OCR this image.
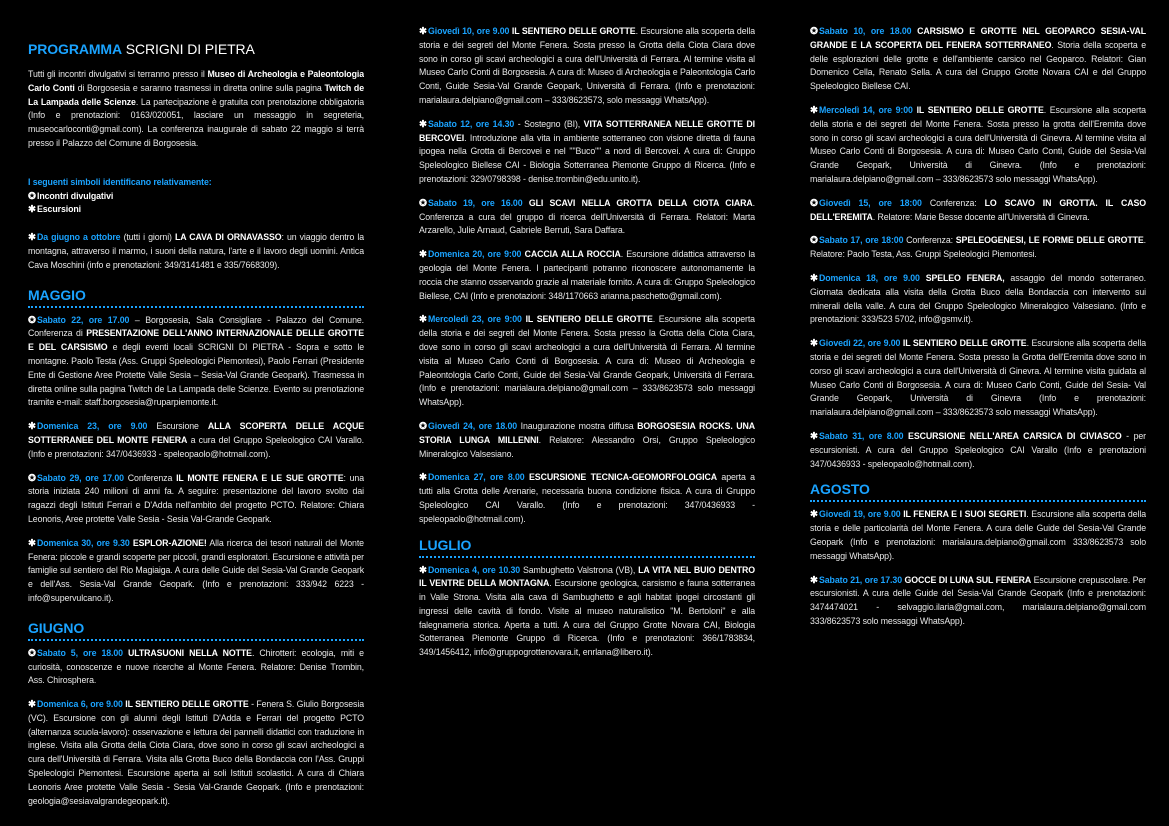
PROGRAMMA SCRIGNI DI PIETRA

Tutti gli incontri divulgativi si terranno presso il Museo di Archeologia e Paleontologia Carlo Conti di Borgosesia e saranno trasmessi in diretta online sulla pagina Twitch de La Lampada delle Scienze. La partecipazione è gratuita con prenotazione obbligatoria (Info e prenotazioni: 0163/020051, lasciare un messaggio in segreteria, museocarloconti@gmail.com). La conferenza inaugurale di sabato 22 maggio si terrà presso il Palazzo del Comune di Borgosesia.

I seguenti simboli identificano relativamente:
✪Incontri divulgativi
✱Escursioni

✱Da giugno a ottobre (tutti i giorni) LA CAVA DI ORNAVASSO: un viaggio dentro la montagna, attraverso il marmo, i suoni della natura, l'arte e il lavoro degli uomini. Antica Cava Moschini (info e prenotazioni: 349/3141481 e 335/7668309).

MAGGIO

✪Sabato 22, ore 17.00 – Borgosesia, Sala Consigliare - Palazzo del Comune. Conferenza di PRESENTAZIONE DELL'ANNO INTERNAZIONALE DELLE GROTTE E DEL CARSISMO e degli eventi locali SCRIGNI DI PIETRA - Sopra e sotto le montagne. Paolo Testa (Ass. Gruppi Speleologici Piemontesi), Paolo Ferrari (Presidente Ente di Gestione Aree Protette Valle Sesia – Sesia-Val Grande Geopark). Trasmessa in diretta online sulla pagina Twitch de La Lampada delle Scienze. Evento su prenotazione tramite e-mail: staff.borgosesia@ruparpiemonte.it.

✱Domenica 23, ore 9.00 Escursione ALLA SCOPERTA DELLE ACQUE SOTTERRANEE DEL MONTE FENERA a cura del Gruppo Speleologico CAI Varallo. (Info e prenotazioni: 347/0436933 - speleopaolo@hotmail.com).

✪Sabato 29, ore 17.00 Conferenza IL MONTE FENERA E LE SUE GROTTE: una storia iniziata 240 milioni di anni fa. A seguire: presentazione del lavoro svolto dai ragazzi degli Istituti Ferrari e D'Adda nell'ambito del progetto PCTO. Relatore: Chiara Leonoris, Aree protette Valle Sesia - Sesia Val-Grande Geopark.

✱Domenica 30, ore 9.30 ESPLOR-AZIONE! Alla ricerca dei tesori naturali del Monte Fenera: piccole e grandi scoperte per piccoli, grandi esploratori. Escursione e attività per famiglie sul sentiero del Rio Magiaiga. A cura delle Guide del Sesia-Val Grande Geopark e dell'Ass. Sesia-Val Grande Geopark. (Info e prenotazioni: 333/942 6223 - info@supervulcano.it).

GIUGNO

✪Sabato 5, ore 18.00 ULTRASUONI NELLA NOTTE. Chirotteri: ecologia, miti e curiosità, conoscenze e nuove ricerche al Monte Fenera. Relatore: Denise Trombin, Ass. Chirosphera.

✱Domenica 6, ore 9.00 IL SENTIERO DELLE GROTTE - Fenera S. Giulio Borgosesia (VC). Escursione con gli alunni degli Istituti D'Adda e Ferrari del progetto PCTO (alternanza scuola-lavoro): osservazione e lettura dei pannelli didattici con traduzione in inglese. Visita alla Grotta della Ciota Ciara, dove sono in corso gli scavi archeologici a cura dell'Università di Ferrara. Visita alla Grotta Buco della Bondaccia con l'Ass. Gruppi Speleologici Piemontesi. Escursione aperta ai soli Istituti scolastici. A cura di Chiara Leonoris Aree protette Valle Sesia - Sesia Val-Grande Geopark. (Info e prenotazioni: geologia@sesiavalgrandegeopark.it).

✱Giovedì 10, ore 9.00 IL SENTIERO DELLE GROTTE. Escursione alla scoperta della storia e dei segreti del Monte Fenera. Sosta presso la Grotta della Ciota Ciara dove sono in corso gli scavi archeologici a cura dell'Università di Ferrara. Al termine visita al Museo Carlo Conti di Borgosesia. A cura di: Museo di Archeologia e Paleontologia Carlo Conti, Guide Sesia-Val Grande Geopark, Università di Ferrara. (Info e prenotazioni: marialaura.delpiano@gmail.com – 333/8623573, solo messaggi WhatsApp).

✱Sabato 12, ore 14.30 - Sostegno (BI), VITA SOTTERRANEA NELLE GROTTE DI BERCOVEI. Introduzione alla vita in ambiente sotterraneo con visione diretta di fauna ipogea nella Grotta di Bercovei e nel ""Buco"" a nord di Bercovei. A cura di: Gruppo Speleologico Biellese CAI - Biologia Sotterranea Piemonte Gruppo di Ricerca. (Info e prenotazioni: 329/0798398 - denise.trombin@edu.unito.it).

✪Sabato 19, ore 16.00 GLI SCAVI NELLA GROTTA DELLA CIOTA CIARA. Conferenza a cura del gruppo di ricerca dell'Università di Ferrara. Relatori: Marta Arzarello, Julie Arnaud, Gabriele Berruti, Sara Daffara.

✱Domenica 20, ore 9:00 CACCIA ALLA ROCCIA. Escursione didattica attraverso la geologia del Monte Fenera. I partecipanti potranno riconoscere autonomamente la roccia che stanno osservando grazie al materiale fornito. A cura di: Gruppo Speleologico Biellese, CAI (Info e prenotazioni: 348/1170663 arianna.paschetto@gmail.com).

✱Mercoledì 23, ore 9:00 IL SENTIERO DELLE GROTTE. Escursione alla scoperta della storia e dei segreti del Monte Fenera. Sosta presso la Grotta della Ciota Ciara, dove sono in corso gli scavi archeologici a cura dell'Università di Ferrara. Al termine visita al Museo Carlo Conti di Borgosesia. A cura di: Museo di Archeologia e Paleontologia Carlo Conti, Guide del Sesia-Val Grande Geopark, Università di Ferrara. (Info e prenotazioni: marialaura.delpiano@gmail.com – 333/8623573 solo messaggi WhatsApp).

✪Giovedì 24, ore 18.00 Inaugurazione mostra diffusa BORGOSESIA ROCKS. UNA STORIA LUNGA MILLENNI. Relatore: Alessandro Orsi, Gruppo Speleologico Mineralogico Valsesiano.

✱Domenica 27, ore 8.00 ESCURSIONE TECNICA-GEOMORFOLOGICA aperta a tutti alla Grotta delle Arenarie, necessaria buona condizione fisica. A cura di Gruppo Speleologico CAI Varallo. (Info e prenotazioni: 347/0436933 - speleopaolo@hotmail.com).

LUGLIO

✱Domenica 4, ore 10.30 Sambughetto Valstrona (VB), LA VITA NEL BUIO DENTRO IL VENTRE DELLA MONTAGNA. Escursione geologica, carsismo e fauna sotterranea in Valle Strona. Visita alla cava di Sambughetto e agli habitat ipogei circostanti gli ingressi delle cavità di fondo. Visite al museo naturalistico "M. Bertoloni" e alla falegnameria storica. Aperta a tutti. A cura del Gruppo Grotte Novara CAI, Biologia Sotterranea Piemonte Gruppo di Ricerca. (Info e prenotazioni: 366/1783834, 349/1456412, info@gruppogrottenovara.it, enrlana@libero.it).

✪Sabato 10, ore 18.00 CARSISMO E GROTTE NEL GEOPARCO SESIA-VAL GRANDE E LA SCOPERTA DEL FENERA SOTTERRANEO. Storia della scoperta e delle esplorazioni delle grotte e dell'ambiente carsico nel Geoparco. Relatori: Gian Domenico Cella, Renato Sella. A cura del Gruppo Grotte Novara CAI e del Gruppo Speleologico Biellese CAI.

✱Mercoledì 14, ore 9:00 IL SENTIERO DELLE GROTTE. Escursione alla scoperta della storia e dei segreti del Monte Fenera. Sosta presso la grotta dell'Eremita dove sono in corso gli scavi archeologici a cura dell'Università di Ginevra. Al termine visita al Museo Carlo Conti di Borgosesia. A cura di: Museo Carlo Conti, Guide del Sesia-Val Grande Geopark, Università di Ginevra. (Info e prenotazioni: marialaura.delpiano@gmail.com – 333/8623573 solo messaggi WhatsApp).

✪Giovedì 15, ore 18:00 Conferenza: LO SCAVO IN GROTTA. IL CASO DELL'EREMITA. Relatore: Marie Besse docente all'Università di Ginevra.

✪Sabato 17, ore 18:00 Conferenza: SPELEOGENESI, LE FORME DELLE GROTTE. Relatore: Paolo Testa, Ass. Gruppi Speleologici Piemontesi.

✱Domenica 18, ore 9.00 SPELEO FENERA, assaggio del mondo sotterraneo. Giornata dedicata alla visita della Grotta Buco della Bondaccia con intervento sui minerali della valle. A cura del Gruppo Speleologico Mineralogico Valsesiano. (Info e prenotazioni: 333/523 5702, info@gsmv.it).

✱Giovedì 22, ore 9.00 IL SENTIERO DELLE GROTTE. Escursione alla scoperta della storia e dei segreti del Monte Fenera. Sosta presso la Grotta dell'Eremita dove sono in corso gli scavi archeologici a cura dell'Università di Ginevra. Al termine visita guidata al Museo Carlo Conti di Borgosesia. A cura di: Museo Carlo Conti, Guide del Sesia- Val Grande Geopark, Università di Ginevra (Info e prenotazioni: marialaura.delpiano@gmail.com – 333/8623573 solo messaggi WhatsApp).

✱Sabato 31, ore 8.00 ESCURSIONE NELL'AREA CARSICA DI CIVIASCO - per escursionisti. A cura del Gruppo Speleologico CAI Varallo (Info e prenotazioni 347/0436933 - speleopaolo@hotmail.com).

AGOSTO

✱Giovedì 19, ore 9.00 IL FENERA E I SUOI SEGRETI. Escursione alla scoperta della storia e delle particolarità del Monte Fenera. A cura delle Guide del Sesia-Val Grande Geopark (Info e prenotazioni: marialaura.delpiano@gmail.com 333/8623573 solo messaggi WhatsApp).

✱Sabato 21, ore 17.30 GOCCE DI LUNA SUL FENERA Escursione crepuscolare. Per escursionisti. A cura delle Guide del Sesia-Val Grande Geopark (Info e prenotazioni: 3474474021 - selvaggio.ilaria@gmail.com, marialaura.delpiano@gmail.com 333/8623573 solo messaggi WhatsApp).
